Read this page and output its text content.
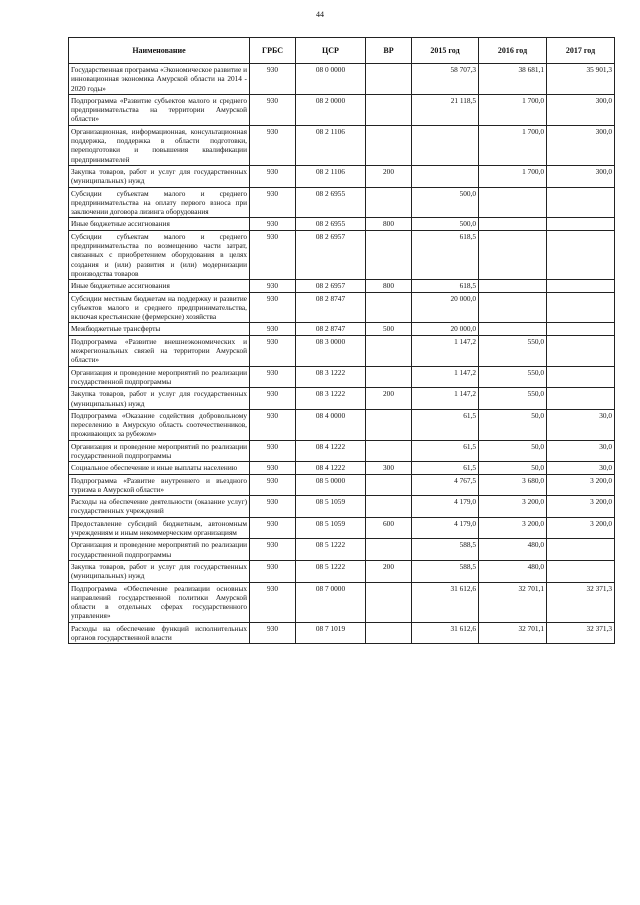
44
Наименование	ГРБС	ЦСР	ВР	2015 год	2016 год	2017 год
Государственная программа «Экономическое развитие и инновационная экономика Амурской области на 2014 - 2020 годы»	930	08 0 0000		58 707,3	38 681,1	35 901,3
Подпрограмма «Развитие субъектов малого и среднего предпринимательства на территории Амурской области»	930	08 2 0000		21 118,5	1 700,0	300,0
Организационная, информационная, консультационная поддержка, поддержка в области подготовки, переподготовки и повышения квалификации предпринимателей	930	08 2 1106			1 700,0	300,0
Закупка товаров, работ и услуг для государственных (муниципальных) нужд	930	08 2 1106	200		1 700,0	300,0
Субсидии субъектам малого и среднего предпринимательства на оплату первого взноса при заключении договора лизинга оборудования	930	08 2 6955		500,0		
Иные бюджетные ассигнования	930	08 2 6955	800	500,0		
Субсидии субъектам малого и среднего предпринимательства по возмещению части затрат, связанных с приобретением оборудования в целях создания и (или) развития и (или) модернизации производства товаров	930	08 2 6957		618,5		
Иные бюджетные ассигнования	930	08 2 6957	800	618,5		
Субсидии местным бюджетам на поддержку и развитие субъектов малого и среднего предпринимательства, включая крестьянские (фермерские) хозяйства	930	08 2 8747		20 000,0		
Межбюджетные трансферты	930	08 2 8747	500	20 000,0		
Подпрограмма «Развитие внешнеэкономических и межрегиональных связей на территории Амурской области»	930	08 3 0000		1 147,2	550,0	
Организация и проведение мероприятий по реализации государственной подпрограммы	930	08 3 1222		1 147,2	550,0	
Закупка товаров, работ и услуг для государственных (муниципальных) нужд	930	08 3 1222	200	1 147,2	550,0	
Подпрограмма «Оказание содействия добровольному переселению в Амурскую область соотечественников, проживающих за рубежом»	930	08 4 0000		61,5	50,0	30,0
Организация и проведение мероприятий по реализации государственной подпрограммы	930	08 4 1222		61,5	50,0	30,0
Социальное обеспечение и иные выплаты населению	930	08 4 1222	300	61,5	50,0	30,0
Подпрограмма «Развитие внутреннего и въездного туризма в Амурской области»	930	08 5 0000		4 767,5	3 680,0	3 200,0
Расходы на обеспечение деятельности (оказание услуг) государственных учреждений	930	08 5 1059		4 179,0	3 200,0	3 200,0
Предоставление субсидий бюджетным, автономным учреждениям и иным некоммерческим организациям	930	08 5 1059	600	4 179,0	3 200,0	3 200,0
Организация и проведение мероприятий по реализации государственной подпрограммы	930	08 5 1222		588,5	480,0	
Закупка товаров, работ и услуг для государственных (муниципальных) нужд	930	08 5 1222	200	588,5	480,0	
Подпрограмма «Обеспечение реализации основных направлений государственной политики Амурской области в отдельных сферах государственного управления»	930	08 7 0000		31 612,6	32 701,1	32 371,3
Расходы на обеспечение функций исполнительных органов государственной власти	930	08 7 1019		31 612,6	32 701,1	32 371,3
